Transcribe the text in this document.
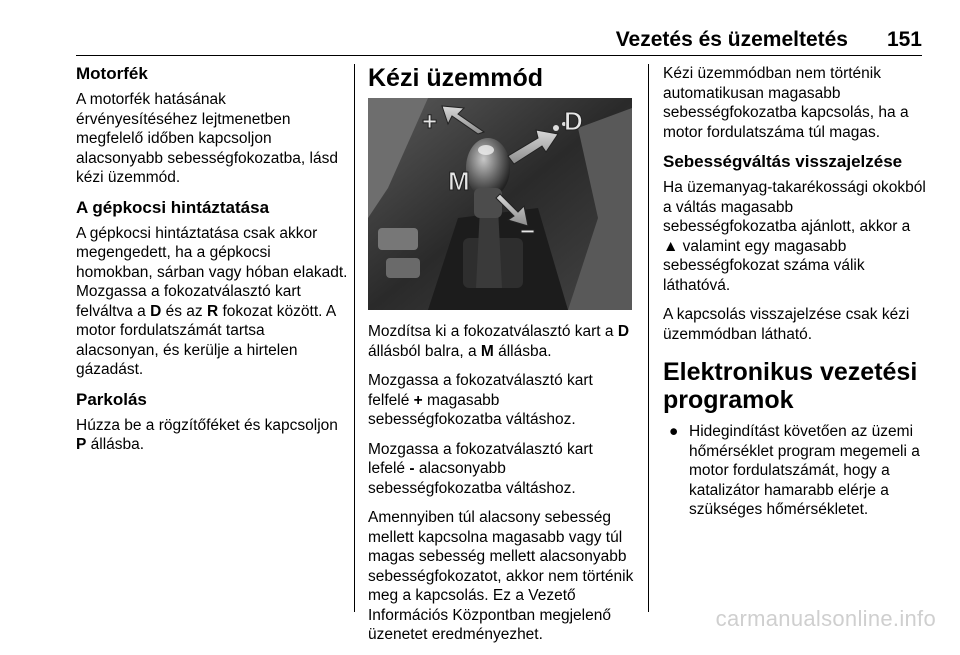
Vezetés és üzemeltetés 151
Motorfék

A motorfék hatásának érvényesítéséhez lejtmenetben megfelelő időben kapcsoljon alacsonyabb sebességfokozatba, lásd kézi üzemmód.

A gépkocsi hintáztatása

A gépkocsi hintáztatása csak akkor megengedett, ha a gépkocsi homokban, sárban vagy hóban elakadt. Mozgassa a fokozatválasztó kart felváltva a D és az R fokozat között. A motor fordulatszámát tartsa alacsonyan, és kerülje a hirtelen gázadást.

Parkolás

Húzza be a rögzítőféket és kapcsoljon P állásba.

Kézi üzemmód
+
−
M
D

Mozdítsa ki a fokozatválasztó kart a D állásból balra, a M állásba.

Mozgassa a fokozatválasztó kart felfelé + magasabb sebességfokozatba váltáshoz.

Mozgassa a fokozatválasztó kart lefelé - alacsonyabb sebességfokozatba váltáshoz.

Amennyiben túl alacsony sebesség mellett kapcsolna magasabb vagy túl magas sebesség mellett alacsonyabb sebességfokozatot, akkor nem történik meg a kapcsolás. Ez a Vezető Információs Központban megjelenő üzenetet eredményezhet.

Kézi üzemmódban nem történik automatikusan magasabb sebességfokozatba kapcsolás, ha a motor fordulatszáma túl magas.

Sebességváltás visszajelzése

Ha üzemanyag-takarékossági okokból a váltás magasabb sebességfokozatba ajánlott, akkor a ▲ valamint egy magasabb sebességfokozat száma válik láthatóvá.

A kapcsolás visszajelzése csak kézi üzemmódban látható.

Elektronikus vezetési programok
● Hidegindítást követően az üzemi hőmérséklet program megemeli a motor fordulatszámát, hogy a katalizátor hamarabb elérje a szükséges hőmérsékletet.
carmanualsonline.info
